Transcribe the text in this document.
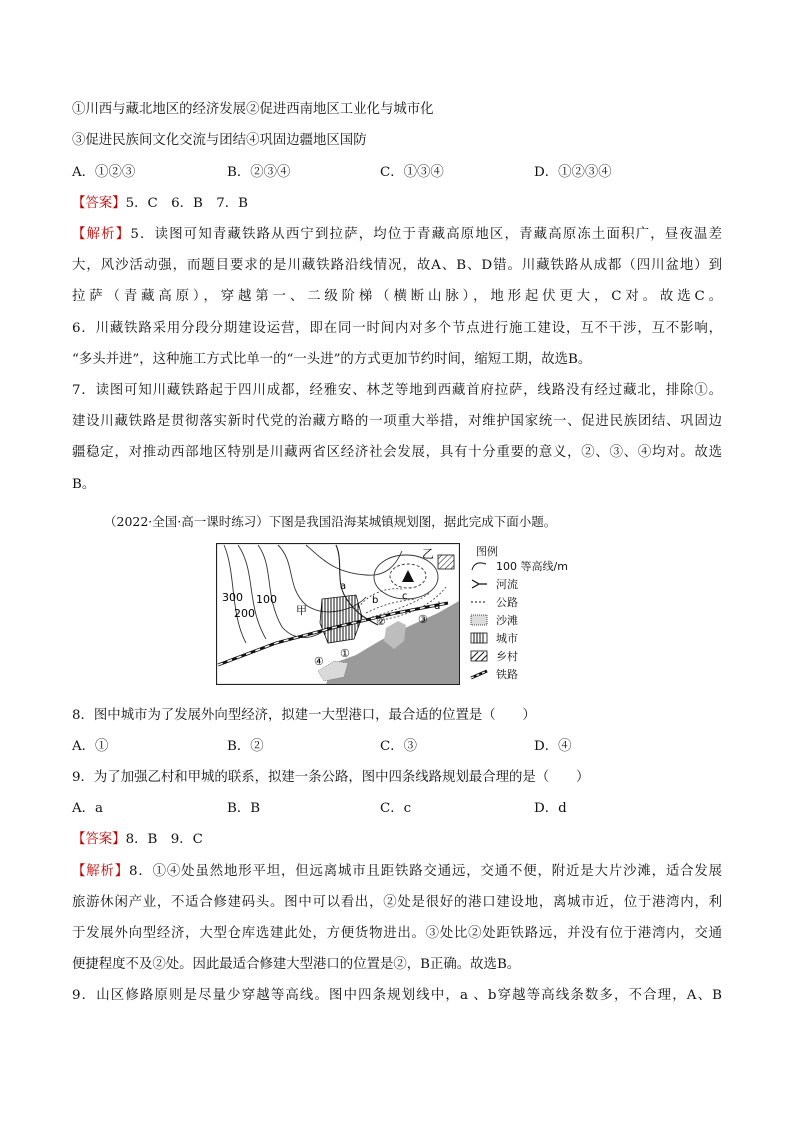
①川西与藏北地区的经济发展②促进西南地区工业化与城市化
③促进民族间文化交流与团结④巩固边疆地区国防
A．①②③	B．②③④	C．①③④	D．①②③④
【答案】5．C　6．B　7．B
【解析】5．读图可知青藏铁路从西宁到拉萨，均位于青藏高原地区，青藏高原冻土面积广，昼夜温差
大，风沙活动强，而题目要求的是川藏铁路沿线情况，故A、B、D错。川藏铁路从成都（四川盆地）到
拉萨（青藏高原），穿越第一、二级阶梯（横断山脉），地形起伏更大，C对。故选C。
6．川藏铁路采用分段分期建设运营，即在同一时间内对多个节点进行施工建设，互不干涉，互不影响，
“多头并进”，这种施工方式比单一的“一头进”的方式更加节约时间，缩短工期，故选B。
7．读图可知川藏铁路起于四川成都，经雅安、林芝等地到西藏首府拉萨，线路没有经过藏北，排除①。
建设川藏铁路是贯彻落实新时代党的治藏方略的一项重大举措，对维护国家统一、促进民族团结、巩固边
疆稳定，对推动西部地区特别是川藏两省区经济社会发展，具有十分重要的意义，②、③、④均对。故选
B。
（2022·全国·高一课时练习）下图是我国沿海某城镇规划图，据此完成下面小题。
300 100
200	甲
乙
a
b c
d
①
②	③
④
图例
100 等高线/m
河流
公路
沙滩
城市
乡村
铁路
8．图中城市为了发展外向型经济，拟建一大型港口，最合适的位置是（　　）
A．①	B．②	C．③	D．④
9．为了加强乙村和甲城的联系，拟建一条公路，图中四条线路规划最合理的是（　　）
A．a	B．B	C．c	D．d
【答案】8．B　9．C
【解析】8．①④处虽然地形平坦，但远离城市且距铁路交通远，交通不便，附近是大片沙滩，适合发展
旅游休闲产业，不适合修建码头。图中可以看出，②处是很好的港口建设地，离城市近，位于港湾内，利
于发展外向型经济，大型仓库选建此处，方便货物进出。③处比②处距铁路远，并没有位于港湾内，交通
便捷程度不及②处。因此最适合修建大型港口的位置是②，B正确。故选B。
9．山区修路原则是尽量少穿越等高线。图中四条规划线中，a 、b穿越等高线条数多，不合理，A、B
